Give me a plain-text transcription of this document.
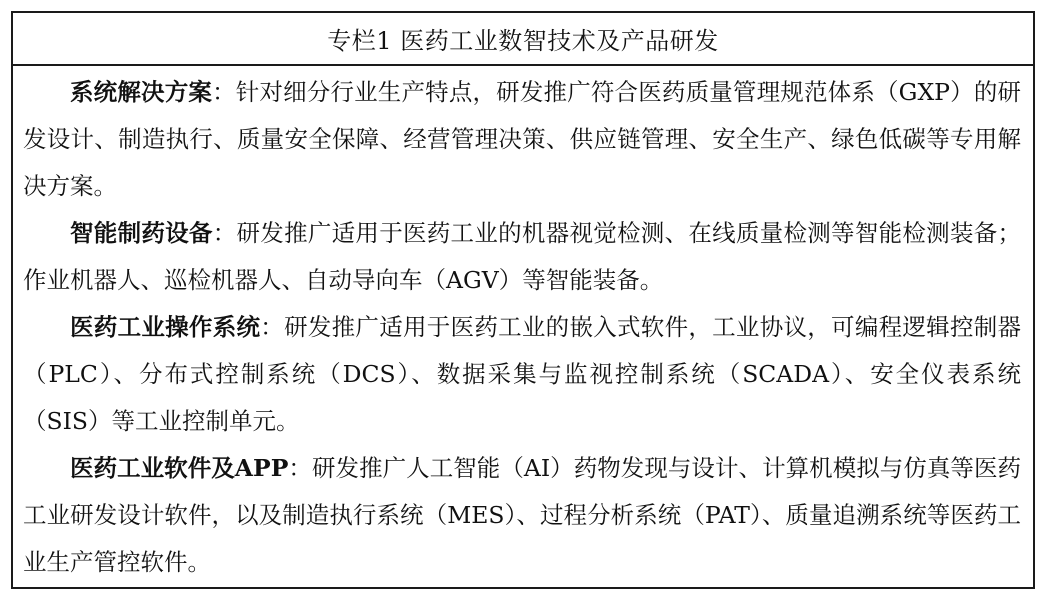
专栏1 医药工业数智技术及产品研发

系统解决方案：针对细分行业生产特点，研发推广符合医药质量管理规范体系（GXP）的研发设计、制造执行、质量安全保障、经营管理决策、供应链管理、安全生产、绿色低碳等专用解决方案。

智能制药设备：研发推广适用于医药工业的机器视觉检测、在线质量检测等智能检测装备；作业机器人、巡检机器人、自动导向车（AGV）等智能装备。

医药工业操作系统：研发推广适用于医药工业的嵌入式软件，工业协议，可编程逻辑控制器（PLC）、分布式控制系统（DCS）、数据采集与监视控制系统（SCADA）、安全仪表系统（SIS）等工业控制单元。

医药工业软件及APP：研发推广人工智能（AI）药物发现与设计、计算机模拟与仿真等医药工业研发设计软件，以及制造执行系统（MES）、过程分析系统（PAT）、质量追溯系统等医药工业生产管控软件。
